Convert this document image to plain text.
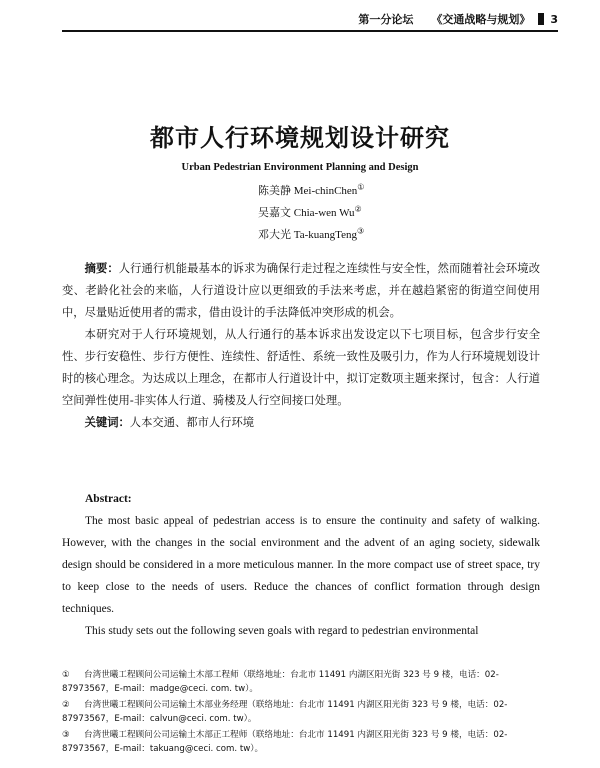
第一分论坛 《交通战略与规划》 3
都市人行环境规划设计研究
Urban Pedestrian Environment Planning and Design
陈美静 Mei-chinChen①
吴嘉文 Chia-wen Wu②
邓大光 Ta-kuangTeng③

摘要：人行通行机能最基本的诉求为确保行走过程之连续性与安全性，然而随着社会环境改变、老龄化社会的来临，人行道设计应以更细致的手法来考虑，并在越趋紧密的街道空间使用中，尽量贴近使用者的需求，借由设计的手法降低冲突形成的机会。

本研究对于人行环境规划，从人行通行的基本诉求出发设定以下七项目标，包含步行安全性、步行安稳性、步行方便性、连续性、舒适性、系统一致性及吸引力，作为人行环境规划设计时的核心理念。为达成以上理念，在都市人行道设计中，拟订定数项主题来探讨，包含：人行道空间弹性使用-非实体人行道、骑楼及人行空间接口处理。

关键词：人本交通、都市人行环境

Abstract:

The most basic appeal of pedestrian access is to ensure the continuity and safety of walking. However, with the changes in the social environment and the advent of an aging society, sidewalk design should be considered in a more meticulous manner. In the more compact use of street space, try to keep close to the needs of users. Reduce the chances of conflict formation through design techniques.

This study sets out the following seven goals with regard to pedestrian environmental

① 台湾世曦工程顾问公司运输土木部工程师（联络地址：台北市 11491 内湖区阳光街 323 号 9 楼，电话：02-87973567，E-mail：madge@ceci. com. tw）。
② 台湾世曦工程顾问公司运输土木部业务经理（联络地址：台北市 11491 内湖区阳光街 323 号 9 楼，电话：02-87973567，E-mail：calvun@ceci. com. tw）。
③ 台湾世曦工程顾问公司运输土木部正工程师（联络地址：台北市 11491 内湖区阳光街 323 号 9 楼，电话：02-87973567，E-mail：takuang@ceci. com. tw）。
